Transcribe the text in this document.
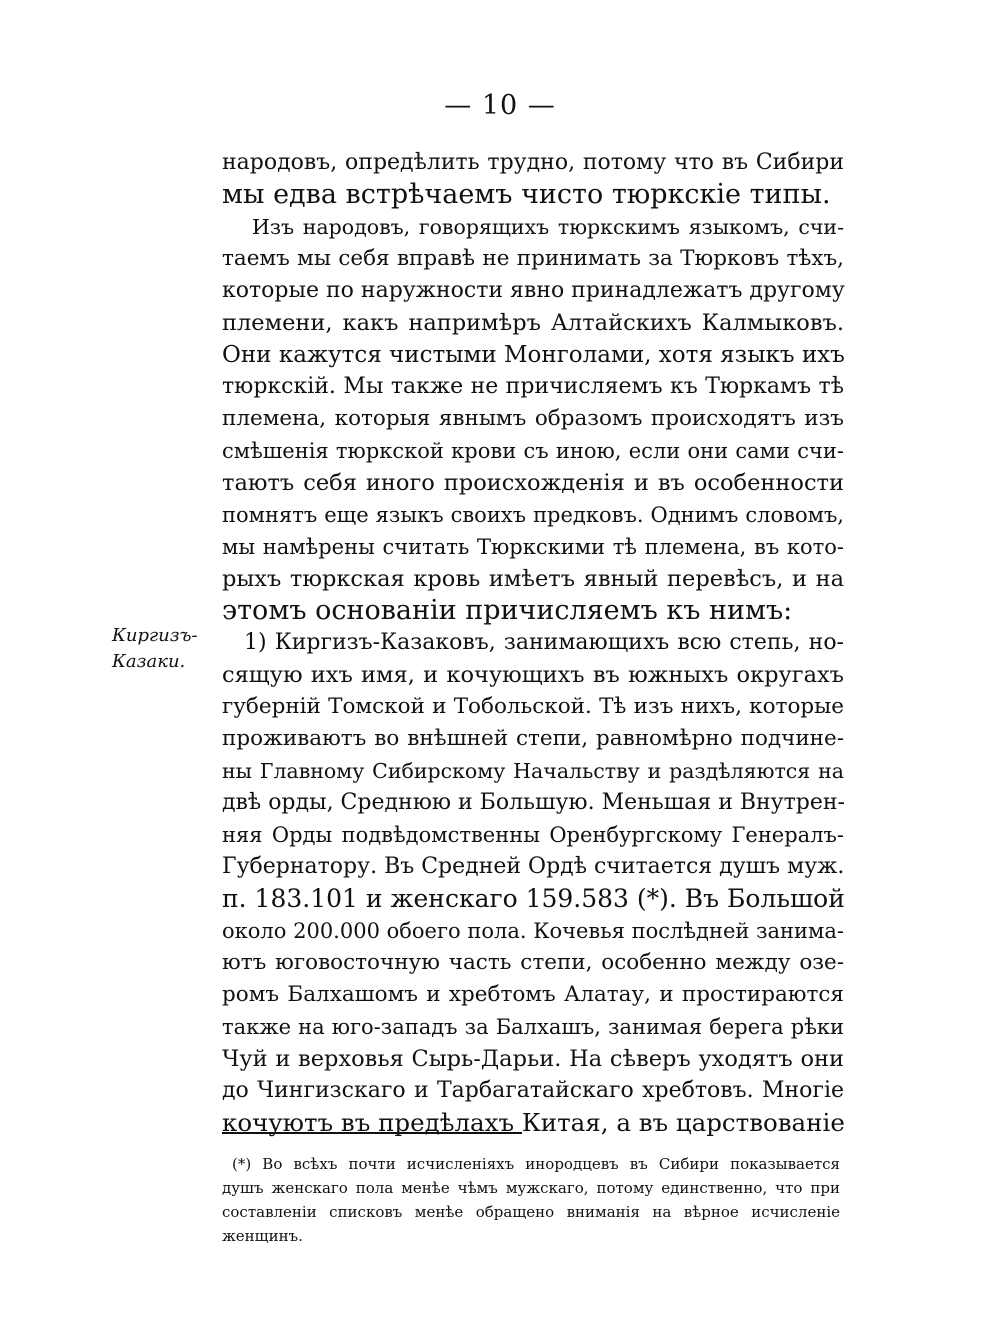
— 10 —
Киргизъ-
Казаки.
народовъ, опредѣлить трудно, потому что въ Сибири
мы едва встрѣчаемъ чисто тюркскіе типы.
Изъ народовъ, говорящихъ тюркскимъ языкомъ, счи-
таемъ мы себя вправѣ не принимать за Тюрковъ тѣхъ,
которые по наружности явно принадлежатъ другому
племени, какъ напримѣръ Алтайскихъ Калмыковъ.
Они кажутся чистыми Монголами, хотя языкъ ихъ
тюркскій. Мы также не причисляемъ къ Тюркамъ тѣ
племена, которыя явнымъ образомъ происходятъ изъ
смѣшенія тюркской крови съ иною, если они сами счи-
таютъ себя иного происхожденія и въ особенности
помнятъ еще языкъ своихъ предковъ. Однимъ словомъ,
мы намѣрены считать Тюркскими тѣ племена, въ кото-
рыхъ тюркская кровь имѣетъ явный перевѣсъ, и на
этомъ основаніи причисляемъ къ нимъ:
1) Киргизъ-Казаковъ, занимающихъ всю степь, но-
сящую ихъ имя, и кочующихъ въ южныхъ округахъ
губерній Томской и Тобольской. Тѣ изъ нихъ, которые
проживаютъ во внѣшней степи, равномѣрно подчине-
ны Главному Сибирскому Начальству и раздѣляются на
двѣ орды, Среднюю и Большую. Меньшая и Внутрен-
няя Орды подвѣдомственны Оренбургскому Генералъ-
Губернатору. Въ Средней Ордѣ считается душъ муж.
п. 183.101 и женскаго 159.583 (*). Въ Большой
около 200.000 обоего пола. Кочевья послѣдней занима-
ютъ юговосточную часть степи, особенно между озе-
ромъ Балхашомъ и хребтомъ Алатау, и простираются
также на юго-западъ за Балхашъ, занимая берега рѣки
Чуй и верховья Сырь-Дарьи. На сѣверъ уходятъ они
до Чингизскаго и Тарбагатайскаго хребтовъ. Многіе
кочуютъ въ предѣлахъ Китая, а въ царствованіе
(*) Во всѣхъ почти исчисленіяхъ инородцевъ въ Сибири показывается
душъ женскаго пола менѣе чѣмъ мужскаго, потому единственно, что при
составленіи списковъ менѣе обращено вниманія на вѣрное исчисленіе
женщинъ.
